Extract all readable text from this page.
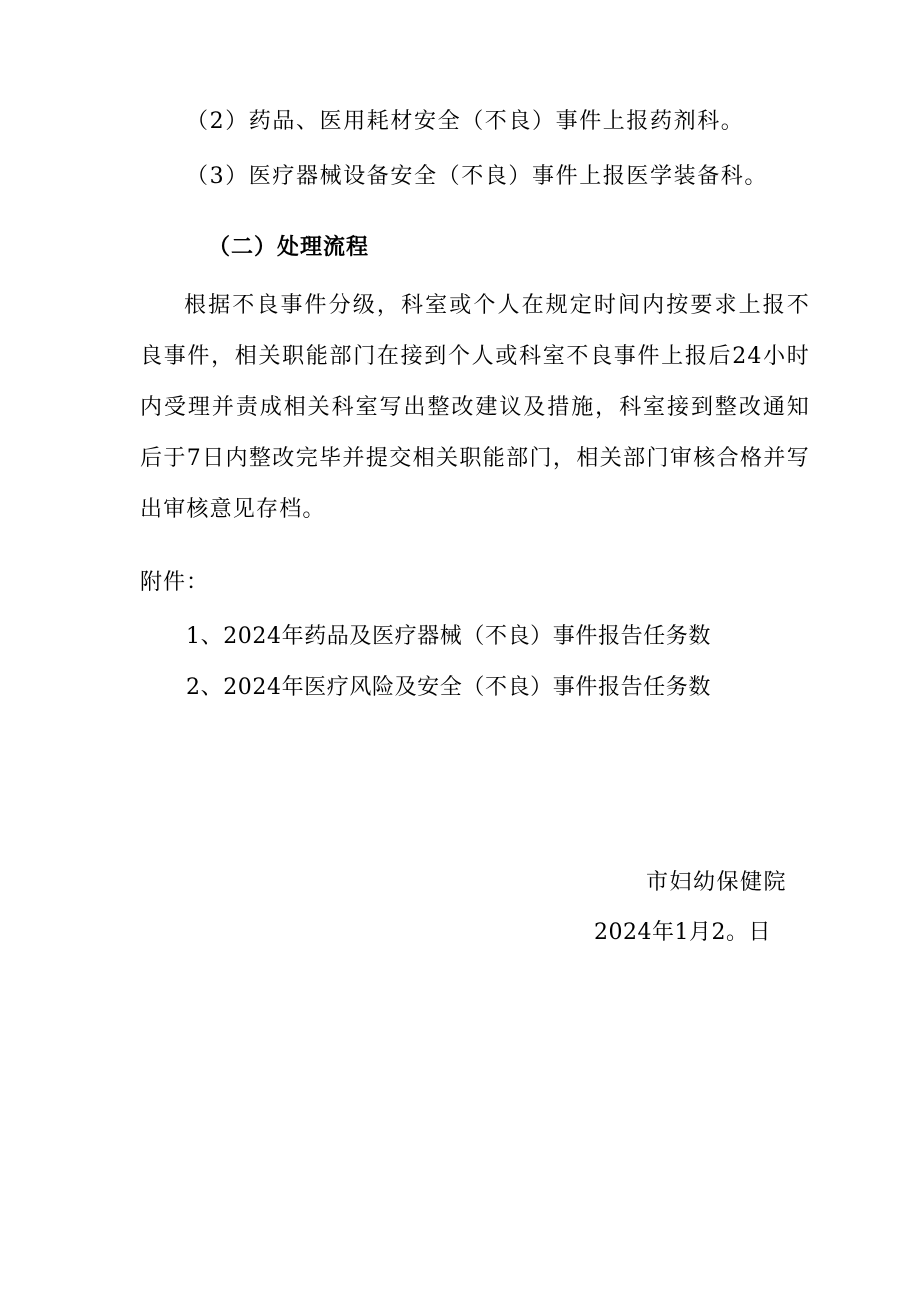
（2）药品、医用耗材安全（不良）事件上报药剂科。
（3）医疗器械设备安全（不良）事件上报医学装备科。
（二）处理流程
根据不良事件分级，科室或个人在规定时间内按要求上报不良事件，相关职能部门在接到个人或科室不良事件上报后24小时内受理并责成相关科室写出整改建议及措施，科室接到整改通知后于7日内整改完毕并提交相关职能部门，相关部门审核合格并写出审核意见存档。
附件：
1、2024年药品及医疗器械（不良）事件报告任务数
2、2024年医疗风险及安全（不良）事件报告任务数
市妇幼保健院
2024年1月2。日
